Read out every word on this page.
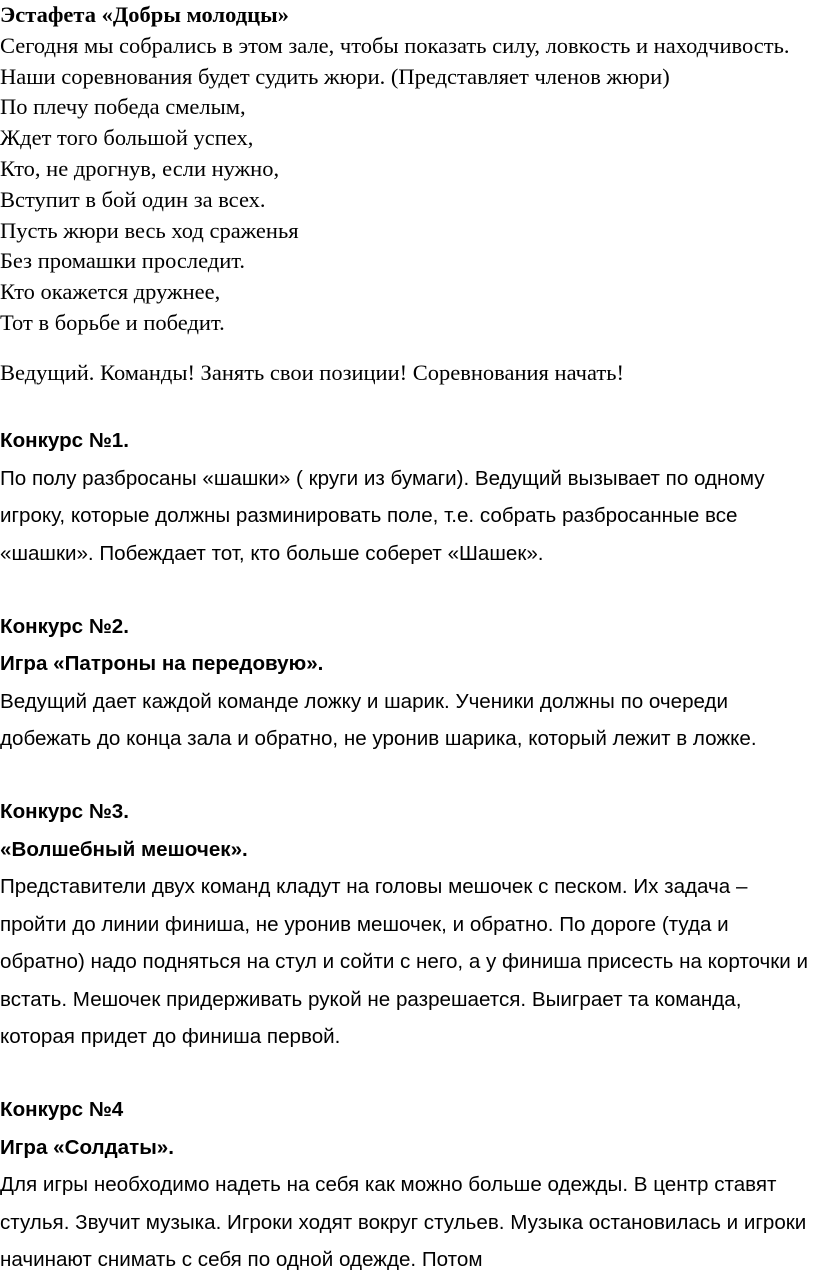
Эстафета «Добры молодцы»

Сегодня мы собрались в этом зале, чтобы показать силу, ловкость и находчивость. Наши соревнования будет судить жюри. (Представляет членов жюри)

По плечу победа смелым,

Ждет того большой успех,

Кто, не дрогнув, если нужно,

Вступит в бой один за всех.

Пусть жюри весь ход сраженья

Без промашки проследит.

Кто окажется дружнее,

Тот в борьбе и победит.

Ведущий. Команды! Занять свои позиции! Соревнования начать!

Конкурс №1.

По полу разбросаны «шашки» ( круги из бумаги). Ведущий вызывает по одному игроку, которые должны разминировать поле, т.е. собрать разбросанные все «шашки». Побеждает тот, кто больше соберет «Шашек».

Конкурс №2.

Игра «Патроны на передовую».

Ведущий дает каждой команде ложку и шарик. Ученики должны по очереди добежать до конца зала и обратно, не уронив шарика, который лежит в ложке.

Конкурс №3.

«Волшебный мешочек».

Представители двух команд кладут на головы мешочек с песком. Их задача – пройти до линии финиша, не уронив мешочек, и обратно. По дороге (туда и обратно) надо подняться на стул и сойти с него, а у финиша присесть на корточки и встать. Мешочек придерживать рукой не разрешается. Выиграет та команда, которая придет до финиша первой.

Конкурс №4

Игра «Солдаты».

Для игры необходимо надеть на себя как можно больше одежды. В центр ставят стулья. Звучит музыка. Игроки ходят вокруг стульев. Музыка остановилась и игроки начинают снимать с себя по одной одежде. Потом
